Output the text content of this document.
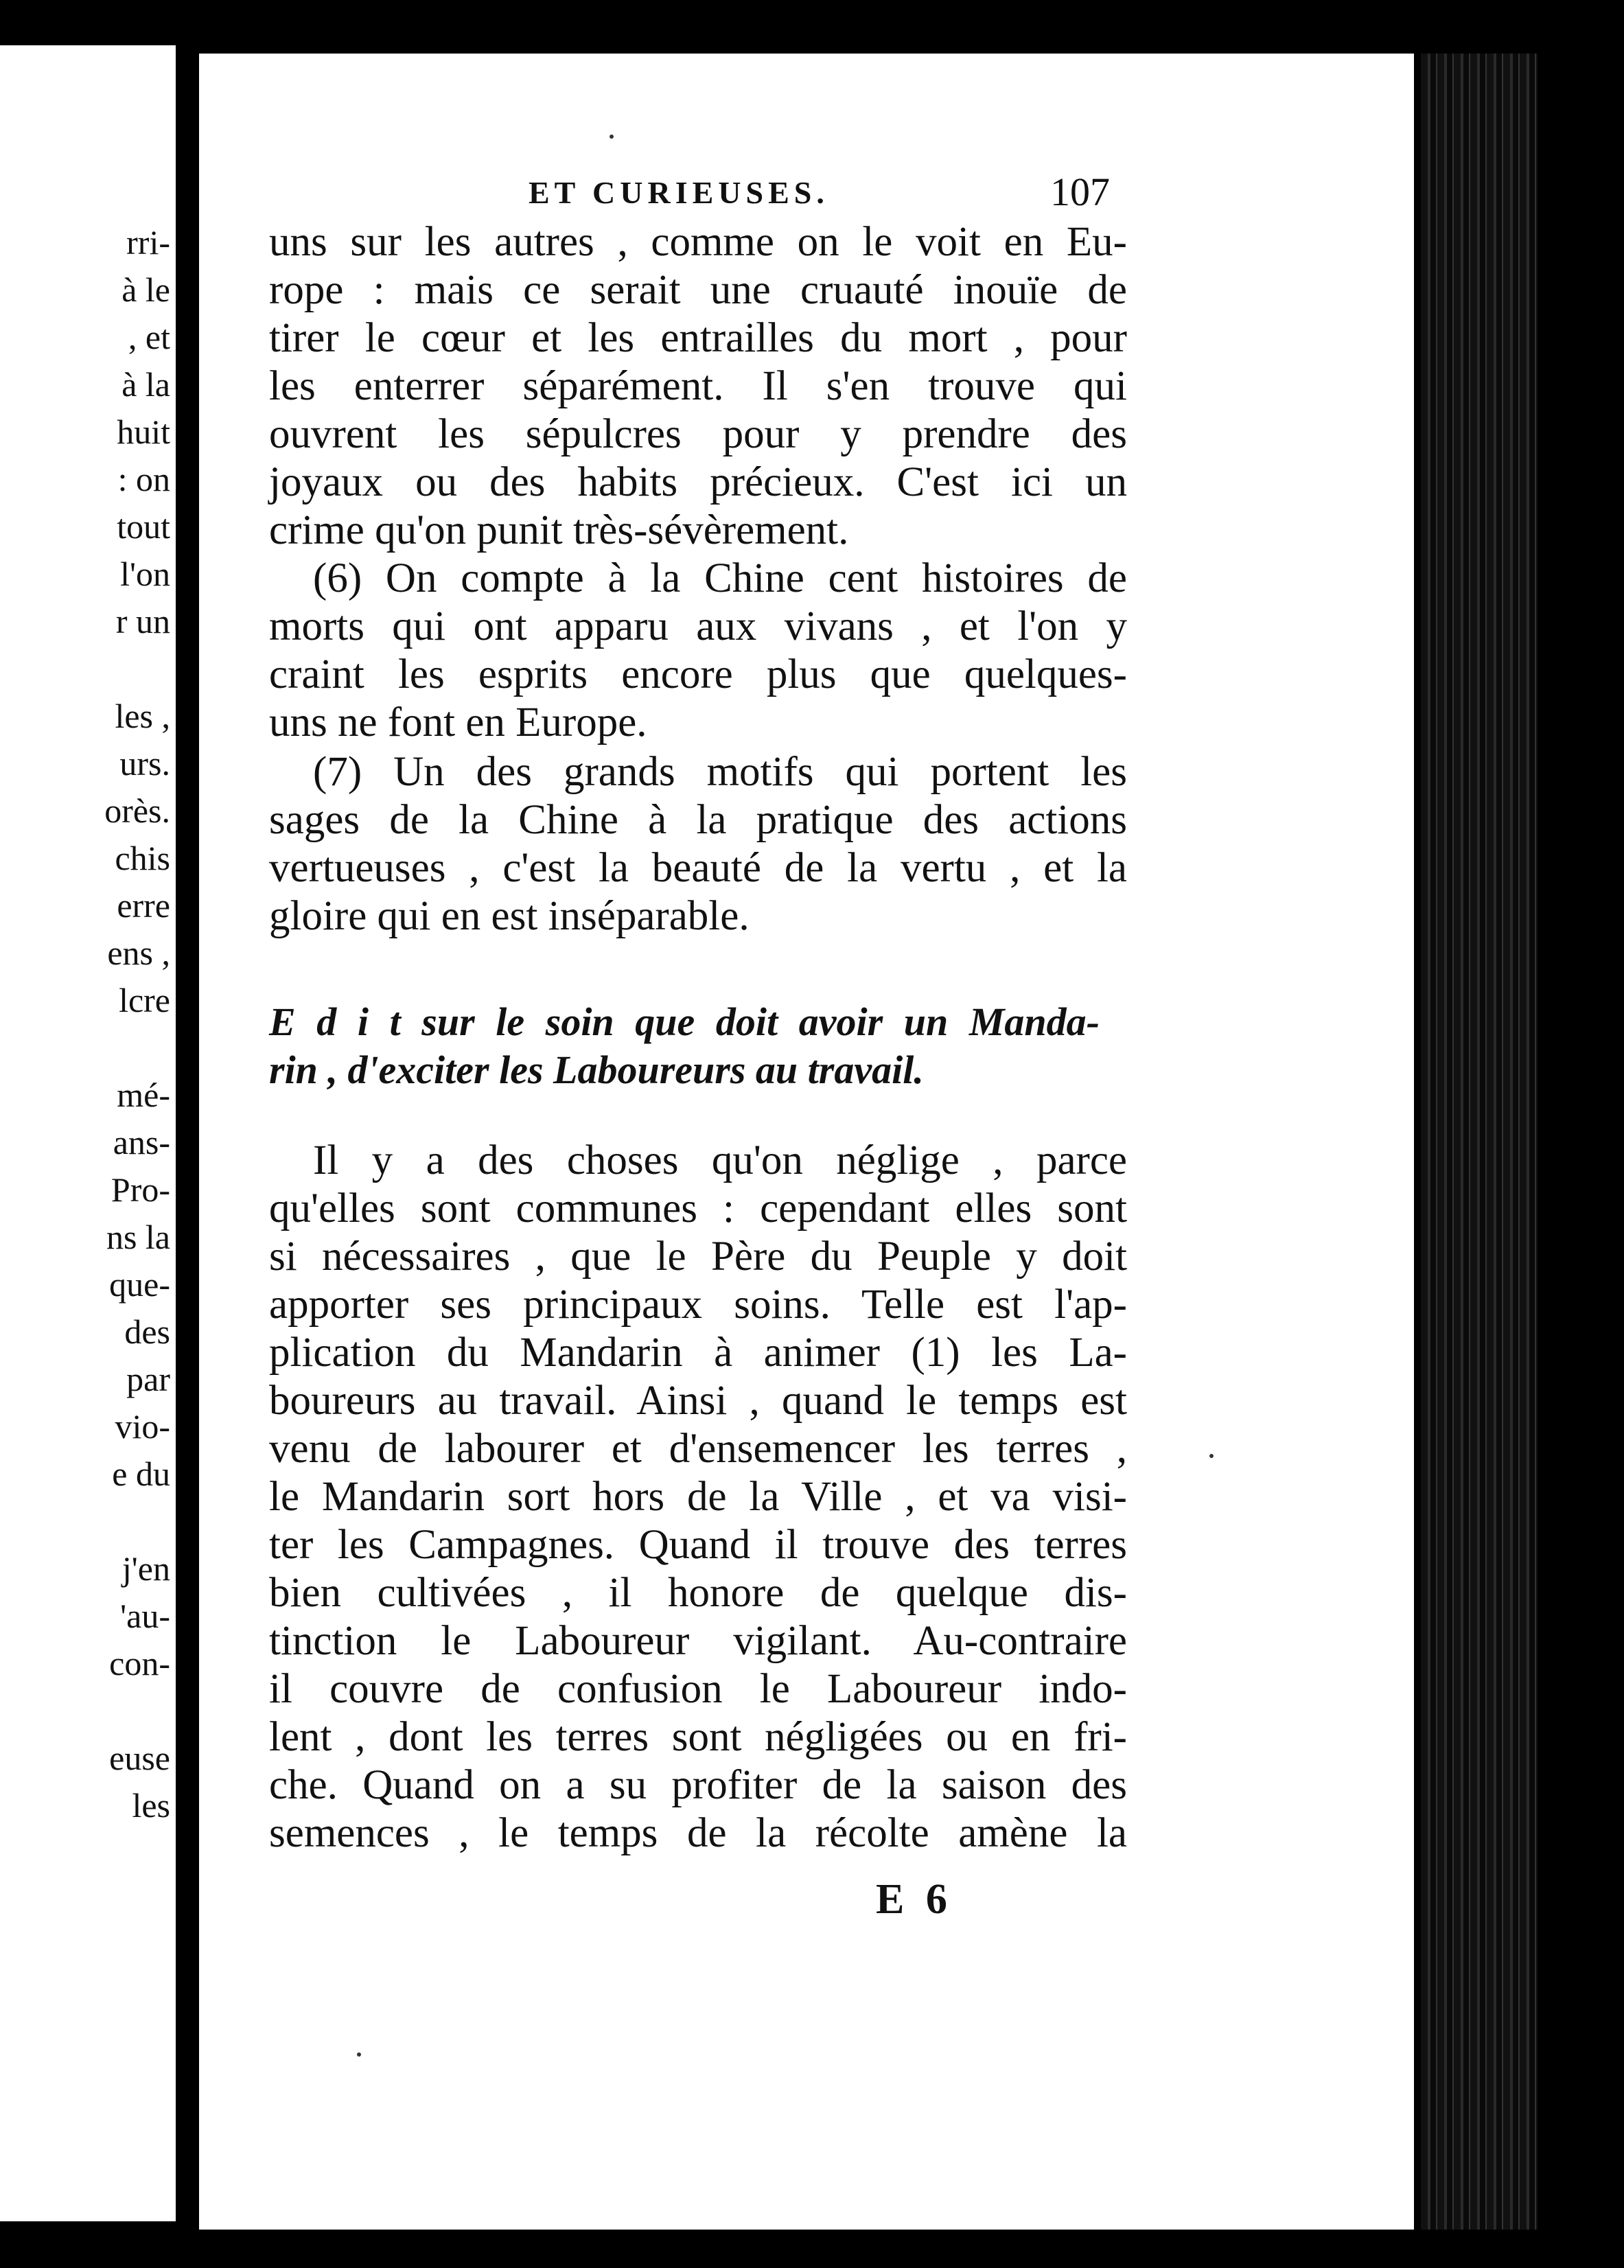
rri-

à le

, et

à la

huit

: on

tout

l'on

r un

les ,

urs.

orès.

chis

erre

ens ,

lcre

mé-

ans-

Pro-

ns la

que-

des

par

vio-

e du

j'en

'au-

con-

euse

les

ET CURIEUSES.	107

uns sur les autres , comme on le voit en Eu-
rope : mais ce serait une cruauté inouïe de
tirer le cœur et les entrailles du mort , pour
les enterrer séparément. Il s'en trouve qui
ouvrent les sépulcres pour y prendre des
joyaux ou des habits précieux. C'est ici un
crime qu'on punit très-sévèrement.

(6) On compte à la Chine cent histoires de
morts qui ont apparu aux vivans , et l'on y
craint les esprits encore plus que quelques-
uns ne font en Europe.

(7) Un des grands motifs qui portent les
sages de la Chine à la pratique des actions
vertueuses , c'est la beauté de la vertu , et la
gloire qui en est inséparable.

E d i t sur le soin que doit avoir un Manda-
rin , d'exciter les Laboureurs au travail.

Il y a des choses qu'on néglige , parce
qu'elles sont communes : cependant elles sont
si nécessaires , que le Père du Peuple y doit
apporter ses principaux soins. Telle est l'ap-
plication du Mandarin à animer (1) les La-
boureurs au travail. Ainsi , quand le temps est
venu de labourer et d'ensemencer les terres ,
le Mandarin sort hors de la Ville , et va visi-
ter les Campagnes. Quand il trouve des terres
bien cultivées , il honore de quelque dis-
tinction le Laboureur vigilant. Au-contraire
il couvre de confusion le Laboureur indo-
lent , dont les terres sont négligées ou en fri-
che. Quand on a su profiter de la saison des
semences , le temps de la récolte amène la

E 6
